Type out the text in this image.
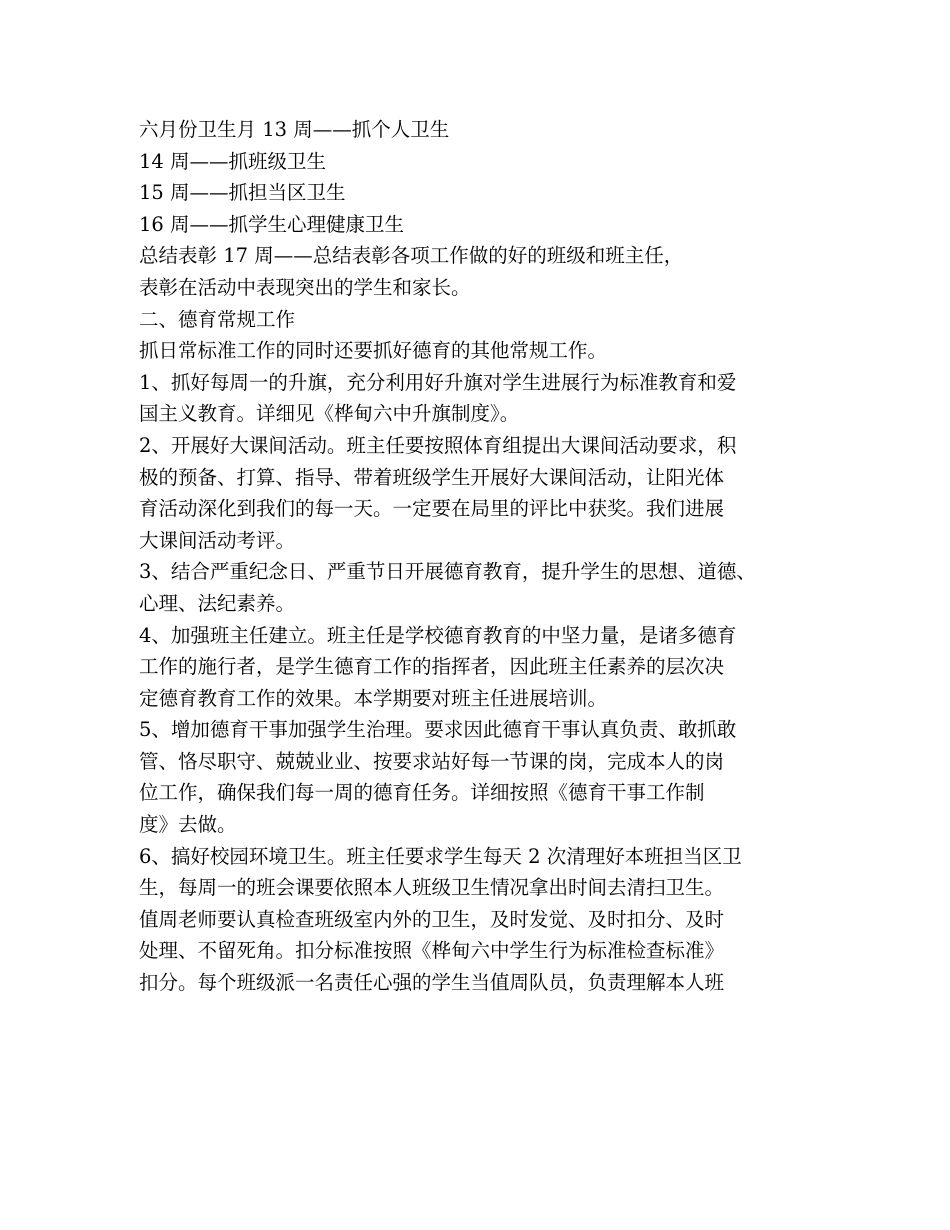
六月份卫生月 13 周——抓个人卫生
14 周——抓班级卫生
15 周——抓担当区卫生
16 周——抓学生心理健康卫生
总结表彰 17 周——总结表彰各项工作做的好的班级和班主任，
表彰在活动中表现突出的学生和家长。
二、德育常规工作
抓日常标准工作的同时还要抓好德育的其他常规工作。
1、抓好每周一的升旗，充分利用好升旗对学生进展行为标准教育和爱
国主义教育。详细见《桦甸六中升旗制度》。
2、开展好大课间活动。班主任要按照体育组提出大课间活动要求，积
极的预备、打算、指导、带着班级学生开展好大课间活动，让阳光体
育活动深化到我们的每一天。一定要在局里的评比中获奖。我们进展
大课间活动考评。
3、结合严重纪念日、严重节日开展德育教育，提升学生的思想、道德、
心理、法纪素养。
4、加强班主任建立。班主任是学校德育教育的中坚力量，是诸多德育
工作的施行者，是学生德育工作的指挥者，因此班主任素养的层次决
定德育教育工作的效果。本学期要对班主任进展培训。
5、增加德育干事加强学生治理。要求因此德育干事认真负责、敢抓敢
管、恪尽职守、兢兢业业、按要求站好每一节课的岗，完成本人的岗
位工作，确保我们每一周的德育任务。详细按照《德育干事工作制
度》去做。
6、搞好校园环境卫生。班主任要求学生每天 2 次清理好本班担当区卫
生，每周一的班会课要依照本人班级卫生情况拿出时间去清扫卫生。
值周老师要认真检查班级室内外的卫生，及时发觉、及时扣分、及时
处理、不留死角。扣分标准按照《桦甸六中学生行为标准检查标准》
扣分。每个班级派一名责任心强的学生当值周队员，负责理解本人班
